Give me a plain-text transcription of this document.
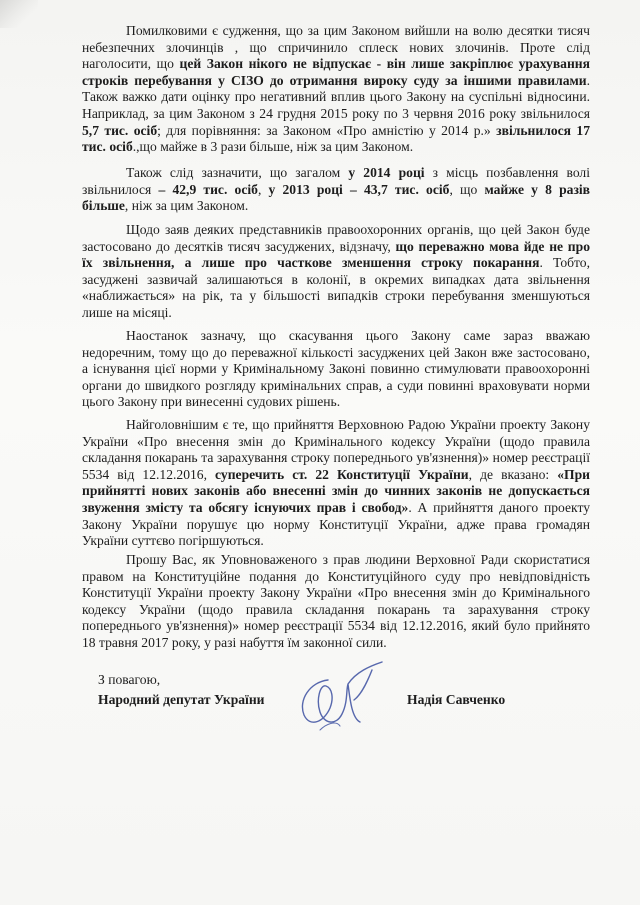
Помилковими є судження, що за цим Законом вийшли на волю десятки тисяч
небезпечних злочинців , що спричинило сплеск нових злочинів. Проте слід
наголосити, що цей Закон нікого не відпускає - він лише закріплює урахування
строків перебування у СІЗО до отримання вироку суду за іншими правилами.
Також важко дати оцінку про негативний вплив цього Закону на суспільні відносини.
Наприклад, за цим Законом з 24 грудня 2015 року по 3 червня 2016 року звільнилося
5,7 тис. осіб; для порівняння: за Законом «Про амністію у 2014 р.» звільнилося 17
тис. осіб.,що майже в 3 рази більше, ніж за цим Законом.
Також слід зазначити, що загалом у 2014 році з місць позбавлення волі
звільнилося – 42,9 тис. осіб, у 2013 році – 43,7 тис. осіб, що майже у 8 разів
більше, ніж за цим Законом.
Щодо заяв деяких представників правоохоронних органів, що цей Закон буде
застосовано до десятків тисяч засуджених, відзначу, що переважно мова йде не про
їх звільнення, а лише про часткове зменшення строку покарання. Тобто,
засуджені зазвичай залишаються в колонії, в окремих випадках дата звільнення
«наближається» на рік, та у більшості випадків строки перебування зменшуються
лише на місяці.
Наостанок зазначу, що скасування цього Закону саме зараз вважаю
недоречним, тому що до переважної кількості засуджених цей Закон вже застосовано,
а існування цієї норми у Кримінальному Законі повинно стимулювати правоохоронні
органи до швидкого розгляду кримінальних справ, а суди повинні враховувати норми
цього Закону при винесенні судових рішень.
Найголовнішим є те, що прийняття Верховною Радою України проекту Закону
України «Про внесення змін до Кримінального кодексу України (щодо правила
складання покарань та зарахування строку попереднього ув'язнення)» номер реєстрації
5534 від 12.12.2016, суперечить ст. 22 Конституції України, де вказано: «При
прийнятті нових законів або внесенні змін до чинних законів не допускається
звуження змісту та обсягу існуючих прав і свобод». А прийняття даного проекту
Закону України порушує цю норму Конституції України, адже права громадян
України суттєво погіршуються.
Прошу Вас, як Уповноваженого з прав людини Верховної Ради скористатися
правом на Конституційне подання до Конституційного суду про невідповідність
Конституції України проекту Закону України «Про внесення змін до Кримінального
кодексу України (щодо правила складання покарань та зарахування строку
попереднього ув'язнення)» номер реєстрації 5534 від 12.12.2016, який було прийнято
18 травня 2017 року, у разі набуття їм законної сили.
З повагою,
Народний депутат України	Надія Савченко
